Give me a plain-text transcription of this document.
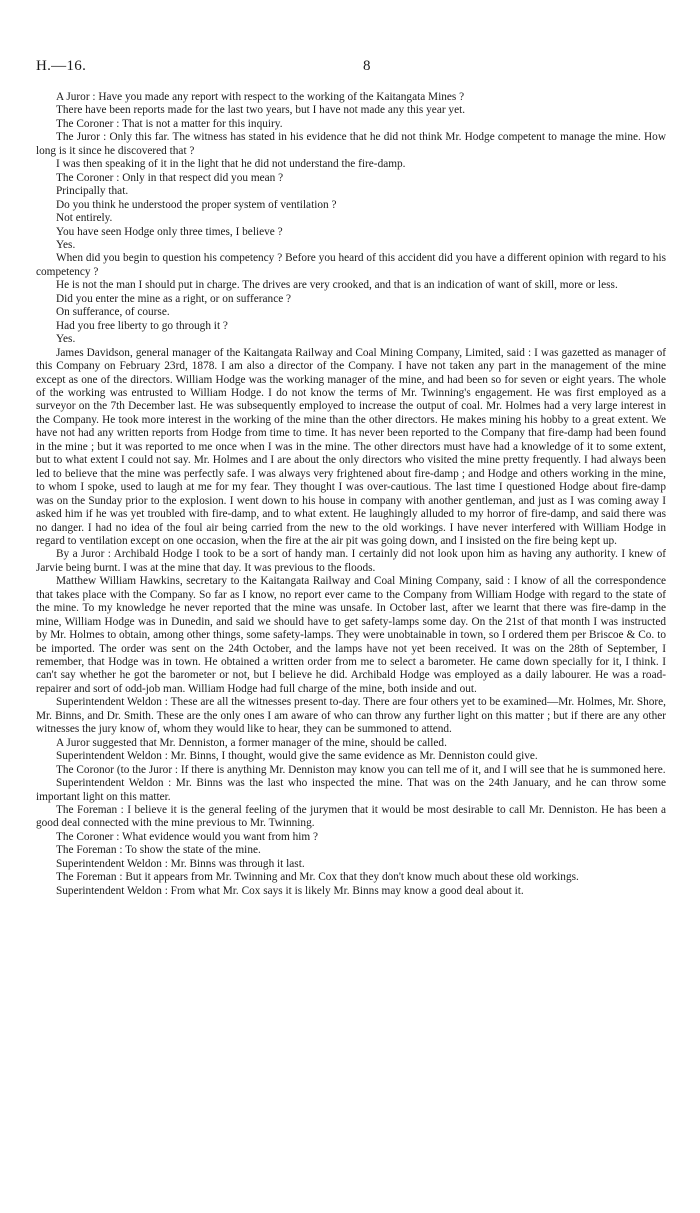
H.—16.	8

A Juror : Have you made any report with respect to the working of the Kaitangata Mines ?

There have been reports made for the last two years, but I have not made any this year yet.

The Coroner : That is not a matter for this inquiry.

The Juror : Only this far. The witness has stated in his evidence that he did not think Mr. Hodge competent to manage the mine. How long is it since he discovered that ?

I was then speaking of it in the light that he did not understand the fire-damp.

The Coroner : Only in that respect did you mean ?

Principally that.

Do you think he understood the proper system of ventilation ?

Not entirely.

You have seen Hodge only three times, I believe ?

Yes.

When did you begin to question his competency ? Before you heard of this accident did you have a different opinion with regard to his competency ?

He is not the man I should put in charge. The drives are very crooked, and that is an indication of want of skill, more or less.

Did you enter the mine as a right, or on sufferance ?

On sufferance, of course.

Had you free liberty to go through it ?

Yes.

James Davidson, general manager of the Kaitangata Railway and Coal Mining Company, Limited, said : I was gazetted as manager of this Company on February 23rd, 1878. I am also a director of the Company. I have not taken any part in the management of the mine except as one of the directors. William Hodge was the working manager of the mine, and had been so for seven or eight years. The whole of the working was entrusted to William Hodge. I do not know the terms of Mr. Twinning's engagement. He was first employed as a surveyor on the 7th December last. He was subsequently employed to increase the output of coal. Mr. Holmes had a very large interest in the Company. He took more interest in the working of the mine than the other directors. He makes mining his hobby to a great extent. We have not had any written reports from Hodge from time to time. It has never been reported to the Company that fire-damp had been found in the mine ; but it was reported to me once when I was in the mine. The other directors must have had a knowledge of it to some extent, but to what extent I could not say. Mr. Holmes and I are about the only directors who visited the mine pretty frequently. I had always been led to believe that the mine was perfectly safe. I was always very frightened about fire-damp ; and Hodge and others working in the mine, to whom I spoke, used to laugh at me for my fear. They thought I was over-cautious. The last time I questioned Hodge about fire-damp was on the Sunday prior to the explosion. I went down to his house in company with another gentleman, and just as I was coming away I asked him if he was yet troubled with fire-damp, and to what extent. He laughingly alluded to my horror of fire-damp, and said there was no danger. I had no idea of the foul air being carried from the new to the old workings. I have never interfered with William Hodge in regard to ventilation except on one occasion, when the fire at the air pit was going down, and I insisted on the fire being kept up.

By a Juror : Archibald Hodge I took to be a sort of handy man. I certainly did not look upon him as having any authority. I knew of Jarvie being burnt. I was at the mine that day. It was previous to the floods.

Matthew William Hawkins, secretary to the Kaitangata Railway and Coal Mining Company, said : I know of all the correspondence that takes place with the Company. So far as I know, no report ever came to the Company from William Hodge with regard to the state of the mine. To my knowledge he never reported that the mine was unsafe. In October last, after we learnt that there was fire-damp in the mine, William Hodge was in Dunedin, and said we should have to get safety-lamps some day. On the 21st of that month I was instructed by Mr. Holmes to obtain, among other things, some safety-lamps. They were unobtainable in town, so I ordered them per Briscoe & Co. to be imported. The order was sent on the 24th October, and the lamps have not yet been received. It was on the 28th of September, I remember, that Hodge was in town. He obtained a written order from me to select a barometer. He came down specially for it, I think. I can't say whether he got the barometer or not, but I believe he did. Archibald Hodge was employed as a daily labourer. He was a road-repairer and sort of odd-job man. William Hodge had full charge of the mine, both inside and out.

Superintendent Weldon : These are all the witnesses present to-day. There are four others yet to be examined—Mr. Holmes, Mr. Shore, Mr. Binns, and Dr. Smith. These are the only ones I am aware of who can throw any further light on this matter ; but if there are any other witnesses the jury know of, whom they would like to hear, they can be summoned to attend.

A Juror suggested that Mr. Denniston, a former manager of the mine, should be called.

Superintendent Weldon : Mr. Binns, I thought, would give the same evidence as Mr. Denniston could give.

The Coronor (to the Juror : If there is anything Mr. Denniston may know you can tell me of it, and I will see that he is summoned here.

Superintendent Weldon : Mr. Binns was the last who inspected the mine. That was on the 24th January, and he can throw some important light on this matter.

The Foreman : I believe it is the general feeling of the jurymen that it would be most desirable to call Mr. Denniston. He has been a good deal connected with the mine previous to Mr. Twinning.

The Coroner : What evidence would you want from him ?

The Foreman : To show the state of the mine.

Superintendent Weldon : Mr. Binns was through it last.

The Foreman : But it appears from Mr. Twinning and Mr. Cox that they don't know much about these old workings.

Superintendent Weldon : From what Mr. Cox says it is likely Mr. Binns may know a good deal about it.
